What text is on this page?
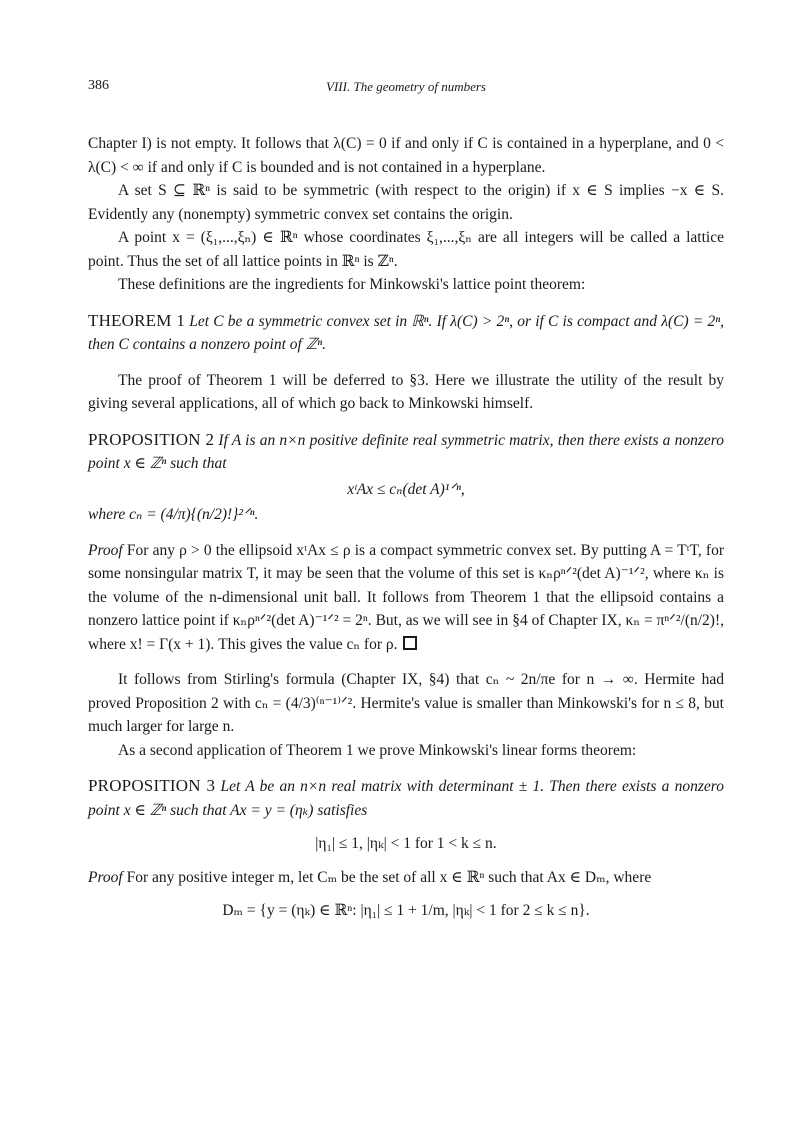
386	VIII. The geometry of numbers

Chapter I) is not empty. It follows that λ(C) = 0 if and only if C is contained in a hyperplane, and 0 < λ(C) < ∞ if and only if C is bounded and is not contained in a hyperplane.

A set S ⊆ ℝⁿ is said to be symmetric (with respect to the origin) if x ∈ S implies −x ∈ S. Evidently any (nonempty) symmetric convex set contains the origin.

A point x = (ξ₁,...,ξₙ) ∈ ℝⁿ whose coordinates ξ₁,...,ξₙ are all integers will be called a lattice point. Thus the set of all lattice points in ℝⁿ is ℤⁿ.

These definitions are the ingredients for Minkowski's lattice point theorem:

THEOREM 1 Let C be a symmetric convex set in ℝⁿ. If λ(C) > 2ⁿ, or if C is compact and λ(C) = 2ⁿ, then C contains a nonzero point of ℤⁿ.

The proof of Theorem 1 will be deferred to §3. Here we illustrate the utility of the result by giving several applications, all of which go back to Minkowski himself.

PROPOSITION 2 If A is an n×n positive definite real symmetric matrix, then there exists a nonzero point x ∈ ℤⁿ such that

xᵗAx ≤ cₙ(det A)¹ᐟⁿ,

where cₙ = (4/π){(n/2)!}²ᐟⁿ.

Proof For any ρ > 0 the ellipsoid xᵗAx ≤ ρ is a compact symmetric convex set. By putting A = TᵗT, for some nonsingular matrix T, it may be seen that the volume of this set is κₙρⁿᐟ²(det A)⁻¹ᐟ², where κₙ is the volume of the n-dimensional unit ball. It follows from Theorem 1 that the ellipsoid contains a nonzero lattice point if κₙρⁿᐟ²(det A)⁻¹ᐟ² = 2ⁿ. But, as we will see in §4 of Chapter IX, κₙ = πⁿᐟ²/(n/2)!, where x! = Γ(x + 1). This gives the value cₙ for ρ.

It follows from Stirling's formula (Chapter IX, §4) that cₙ ~ 2n/πe for n → ∞. Hermite had proved Proposition 2 with cₙ = (4/3)⁽ⁿ⁻¹⁾ᐟ². Hermite's value is smaller than Minkowski's for n ≤ 8, but much larger for large n.

As a second application of Theorem 1 we prove Minkowski's linear forms theorem:

PROPOSITION 3 Let A be an n×n real matrix with determinant ± 1. Then there exists a nonzero point x ∈ ℤⁿ such that Ax = y = (ηₖ) satisfies

|η₁| ≤ 1, |ηₖ| < 1 for 1 < k ≤ n.

Proof For any positive integer m, let Cₘ be the set of all x ∈ ℝⁿ such that Ax ∈ Dₘ, where

Dₘ = {y = (ηₖ) ∈ ℝⁿ: |η₁| ≤ 1 + 1/m, |ηₖ| < 1 for 2 ≤ k ≤ n}.
